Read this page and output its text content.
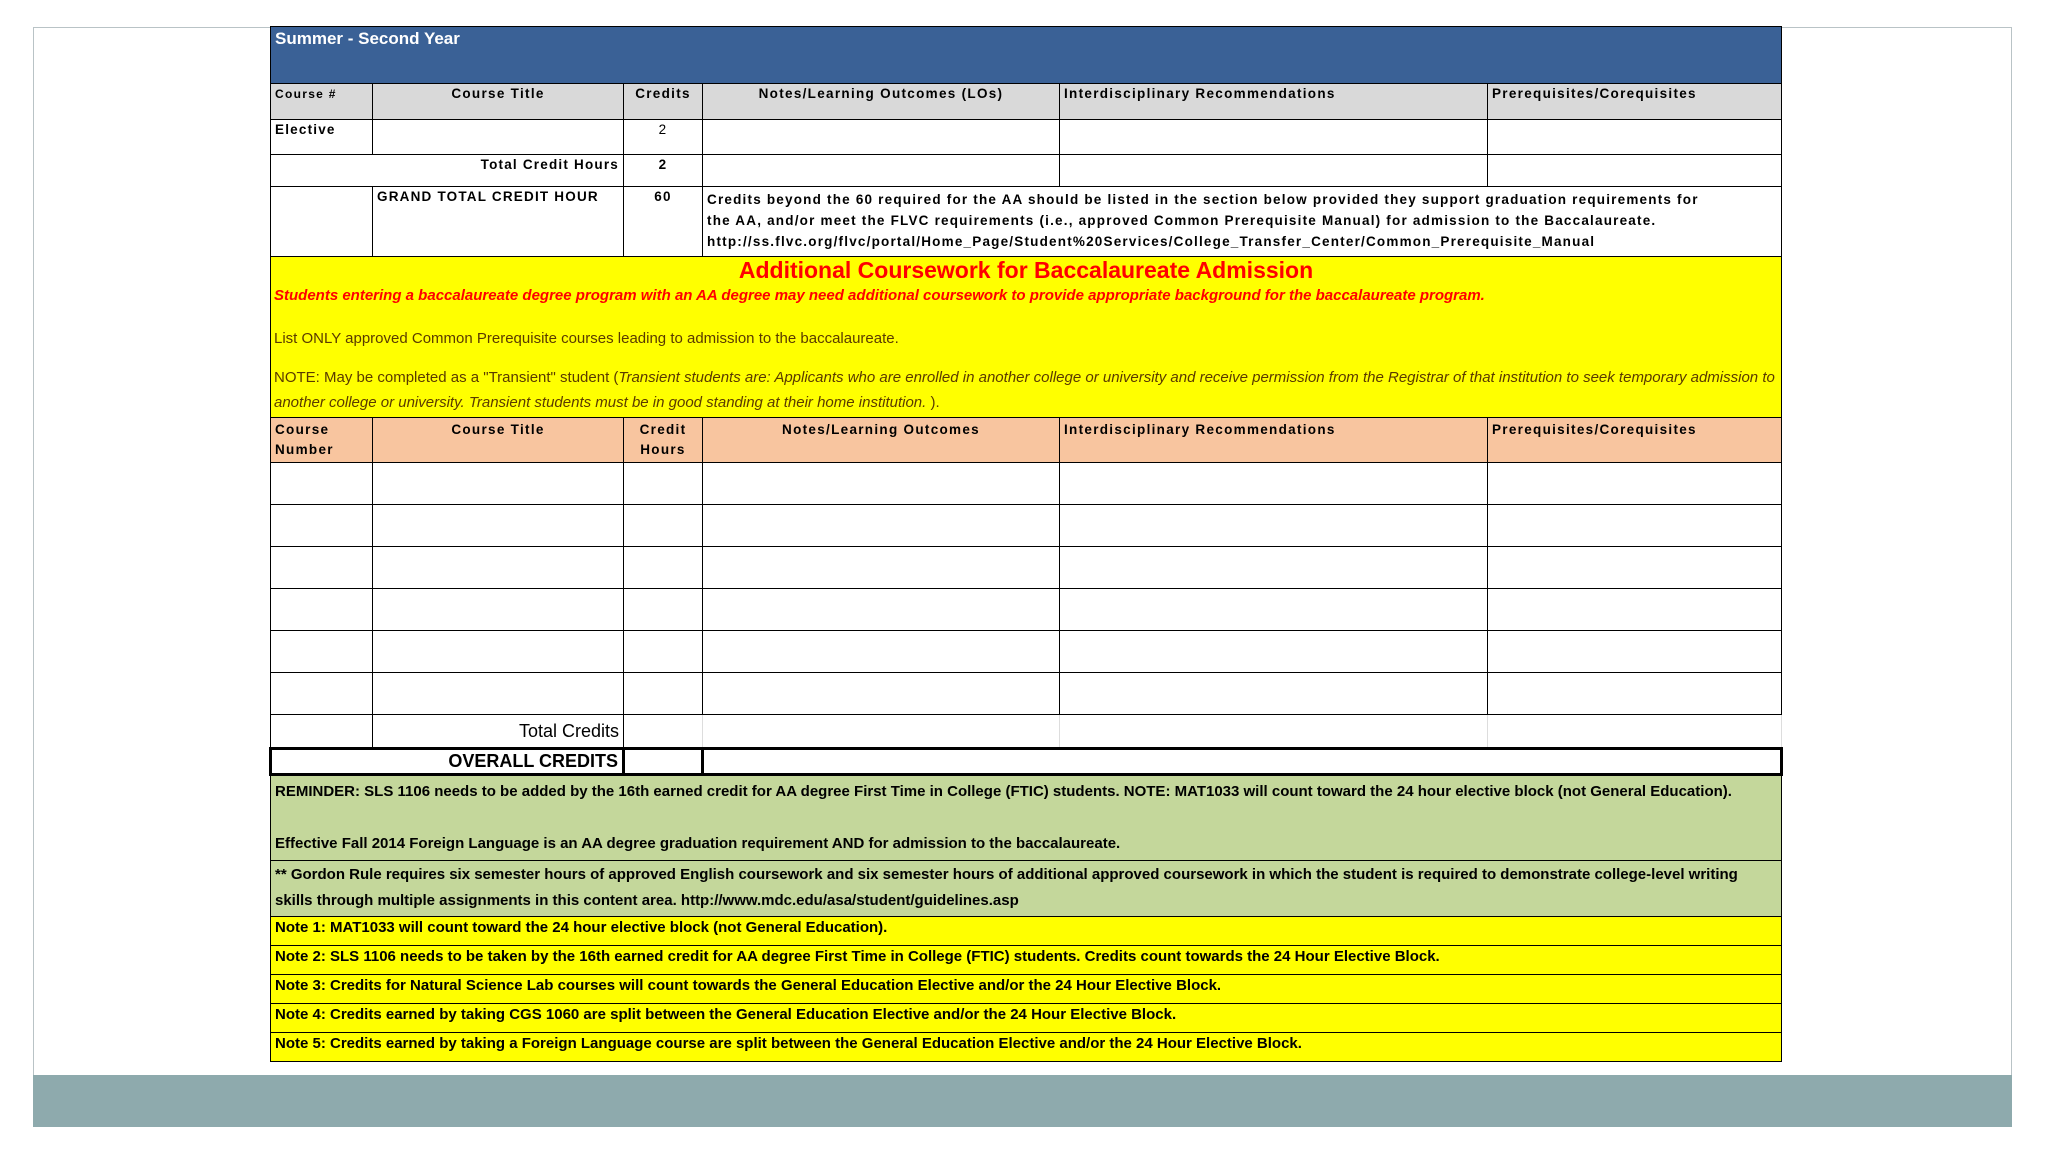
Summer - Second Year					
Course #	Course Title	Credits	Notes/Learning Outcomes (LOs)	Interdisciplinary Recommendations	Prerequisites/Corequisites
Elective		2			
Total Credit Hours		2			
	GRAND TOTAL CREDIT HOUR	60	Credits beyond the 60 required for the AA should be listed in the section below provided they support graduation requirements for
the AA, and/or meet the FLVC requirements (i.e., approved Common Prerequisite Manual) for admission to the Baccalaureate.
http://ss.flvc.org/flvc/portal/Home_Page/Student%20Services/College_Transfer_Center/Common_Prerequisite_Manual		

Additional Coursework for Baccalaureate Admission
Students entering a baccalaureate degree program with an AA degree may need additional coursework to provide appropriate background for the baccalaureate program.
List ONLY approved Common Prerequisite courses leading to admission to the baccalaureate.
NOTE: May be completed as a "Transient" student (Transient students are: Applicants who are enrolled in another college or university and receive permission from the Registrar of that institution to seek temporary admission to another college or university. Transient students must be in good standing at their home institution. ).					

Course Number	Course Title	Credit Hours	Notes/Learning Outcomes	Interdisciplinary Recommendations	Prerequisites/Corequisites

	Total Credits				
OVERALL CREDITS					

REMINDER: SLS 1106 needs to be added by the 16th earned credit for AA degree First Time in College (FTIC) students. NOTE: MAT1033 will count toward the 24 hour elective block (not General Education).
Effective Fall 2014 Foreign Language is an AA degree graduation requirement AND for admission to the baccalaureate.					

** Gordon Rule requires six semester hours of approved English coursework and six semester hours of additional approved coursework in which the student is required to demonstrate college-level writing skills through multiple assignments in this content area. http://www.mdc.edu/asa/student/guidelines.asp					
Note 1: MAT1033 will count toward the 24 hour elective block (not General Education).					
Note 2: SLS 1106 needs to be taken by the 16th earned credit for AA degree First Time in College (FTIC) students. Credits count towards the 24 Hour Elective Block.					
Note 3: Credits for Natural Science Lab courses will count towards the General Education Elective and/or the 24 Hour Elective Block.					
Note 4: Credits earned by taking CGS 1060 are split between the General Education Elective and/or the 24 Hour Elective Block.					
Note 5: Credits earned by taking a Foreign Language course are split between the General Education Elective and/or the 24 Hour Elective Block.					
